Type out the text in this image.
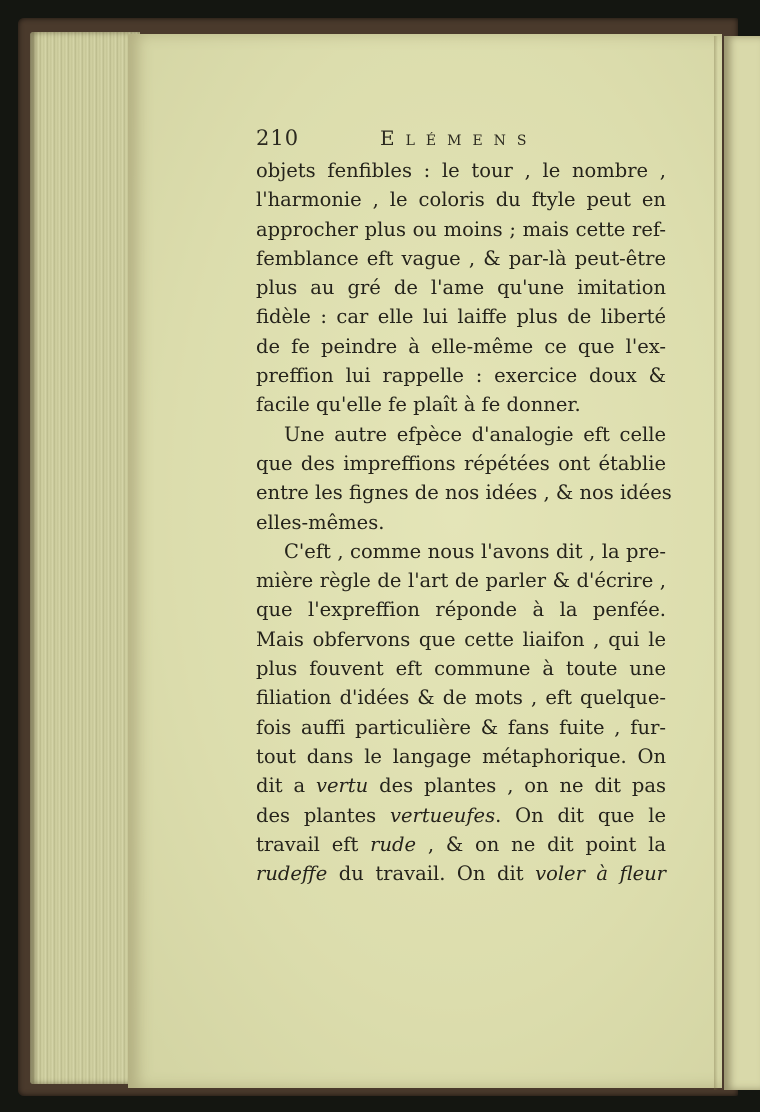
210	Elémens
objets fenfibles : le tour , le nombre ,
l'harmonie , le coloris du ftyle peut en
approcher plus ou moins ; mais cette ref-
femblance eft vague , & par-là peut-être
plus au gré de l'ame qu'une imitation
fidèle : car elle lui laiffe plus de liberté
de fe peindre à elle-même ce que l'ex-
preffion lui rappelle : exercice doux &
facile qu'elle fe plaît à fe donner.
Une autre efpèce d'analogie eft celle
que des impreffions répétées ont établie
entre les fignes de nos idées , & nos idées
elles-mêmes.
C'eft , comme nous l'avons dit , la pre-
mière règle de l'art de parler & d'écrire ,
que l'expreffion réponde à la penfée.
Mais obfervons que cette liaifon , qui le
plus fouvent eft commune à toute une
filiation d'idées & de mots , eft quelque-
fois auffi particulière & fans fuite , fur-
tout dans le langage métaphorique. On
dit a vertu des plantes , on ne dit pas
des plantes vertueufes. On dit que le
travail eft rude , & on ne dit point la
rudeffe du travail. On dit voler à fleur
